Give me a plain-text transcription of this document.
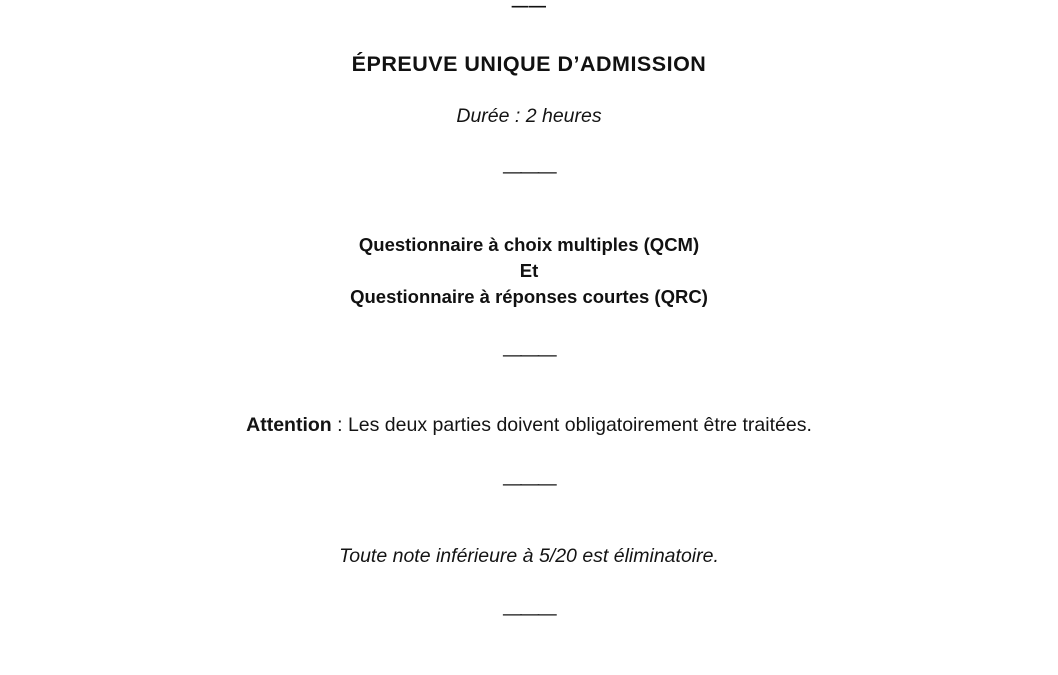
——
ÉPREUVE UNIQUE D’ADMISSION
Durée : 2 heures
———
Questionnaire à choix multiples (QCM)
Et
Questionnaire à réponses courtes (QRC)
———
Attention : Les deux parties doivent obligatoirement être traitées.
———
Toute note inférieure à 5/20 est éliminatoire.
———
